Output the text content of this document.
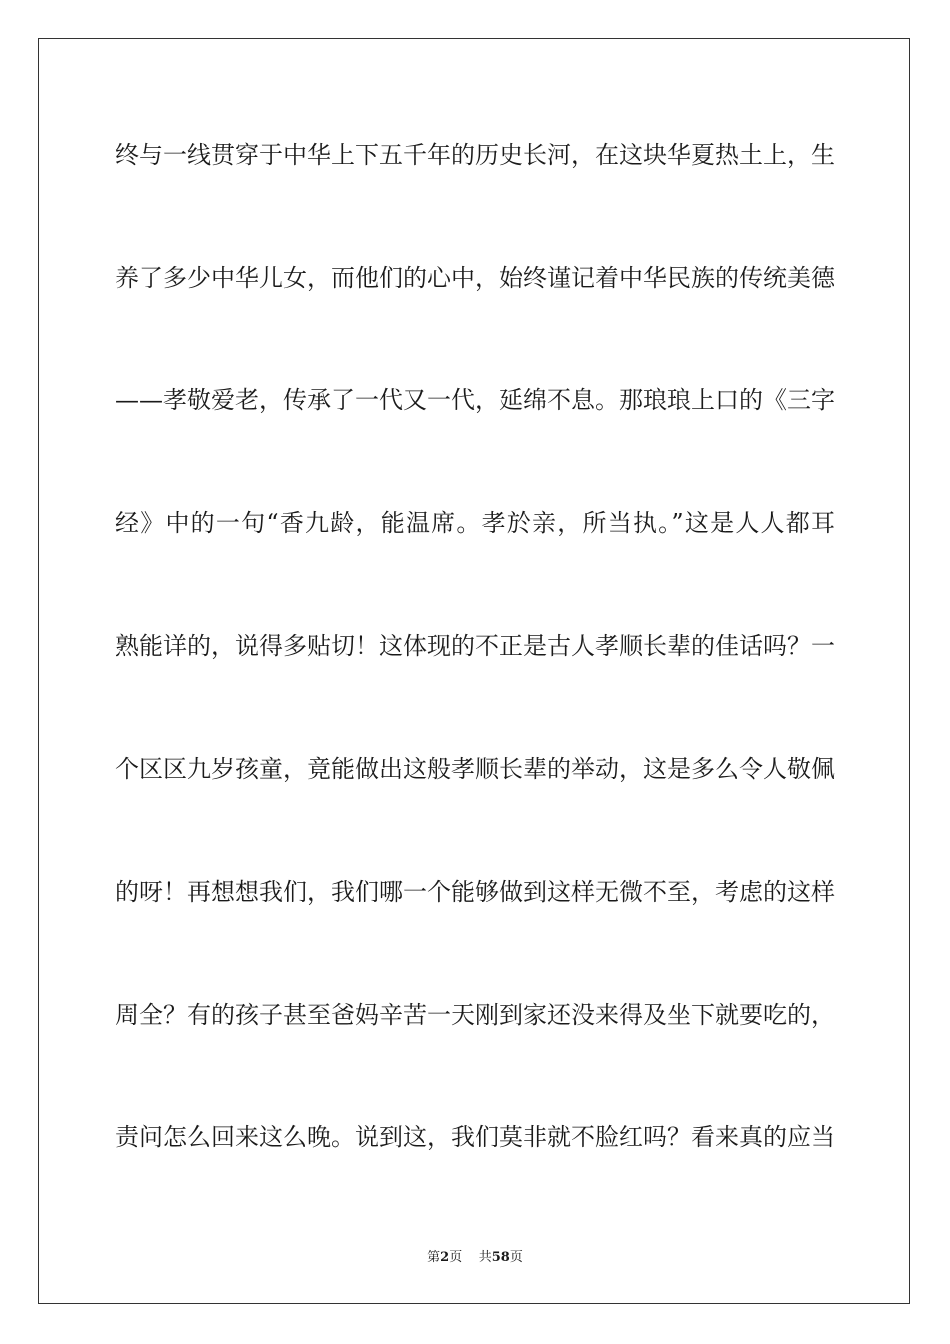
终与一线贯穿于中华上下五千年的历史长河，在这块华夏热土上，生
养了多少中华儿女，而他们的心中，始终谨记着中华民族的传统美德
——孝敬爱老，传承了一代又一代，延绵不息。那琅琅上口的《三字
经》中的一句“香九龄，能温席。孝於亲，所当执。”这是人人都耳
熟能详的，说得多贴切！这体现的不正是古人孝顺长辈的佳话吗？一
个区区九岁孩童，竟能做出这般孝顺长辈的举动，这是多么令人敬佩
的呀！再想想我们，我们哪一个能够做到这样无微不至，考虑的这样
周全？有的孩子甚至爸妈辛苦一天刚到家还没来得及坐下就要吃的，
责问怎么回来这么晚。说到这，我们莫非就不脸红吗？看来真的应当
第2页 共58页
